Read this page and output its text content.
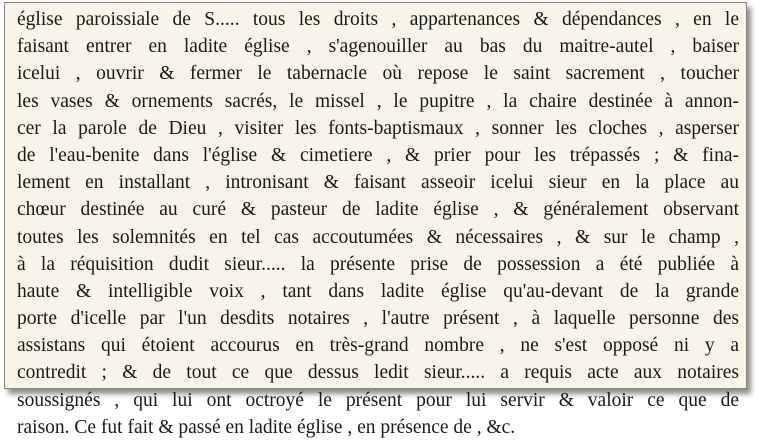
église paroissiale de S..... tous les droits , appartenances & dépendances , en le
faisant entrer en ladite église , s'agenouiller au bas du maitre-autel , baiser
icelui , ouvrir & fermer le tabernacle où repose le saint sacrement , toucher
les vases & ornements sacrés, le missel , le pupitre , la chaire destinée à annon-
cer la parole de Dieu , visiter les fonts-baptismaux , sonner les cloches , asperser
de l'eau-benite dans l'église & cimetiere , & prier pour les trépassés ; & fina-
lement en installant , intronisant & faisant asseoir icelui sieur en la place au
chœur destinée au curé & pasteur de ladite église , & généralement observant
toutes les solemnités en tel cas accoutumées & nécessaires , & sur le champ ,
à la réquisition dudit sieur..... la présente prise de possession a été publiée à
haute & intelligible voix , tant dans ladite église qu'au-devant de la grande
porte d'icelle par l'un desdits notaires , l'autre présent , à laquelle personne des
assistans qui étoient accourus en très-grand nombre , ne s'est opposé ni y a
contredit ; & de tout ce que dessus ledit sieur..... a requis acte aux notaires
soussignés , qui lui ont octroyé le présent pour lui servir & valoir ce que de
raison. Ce fut fait & passé en ladite église , en présence de , &c.
